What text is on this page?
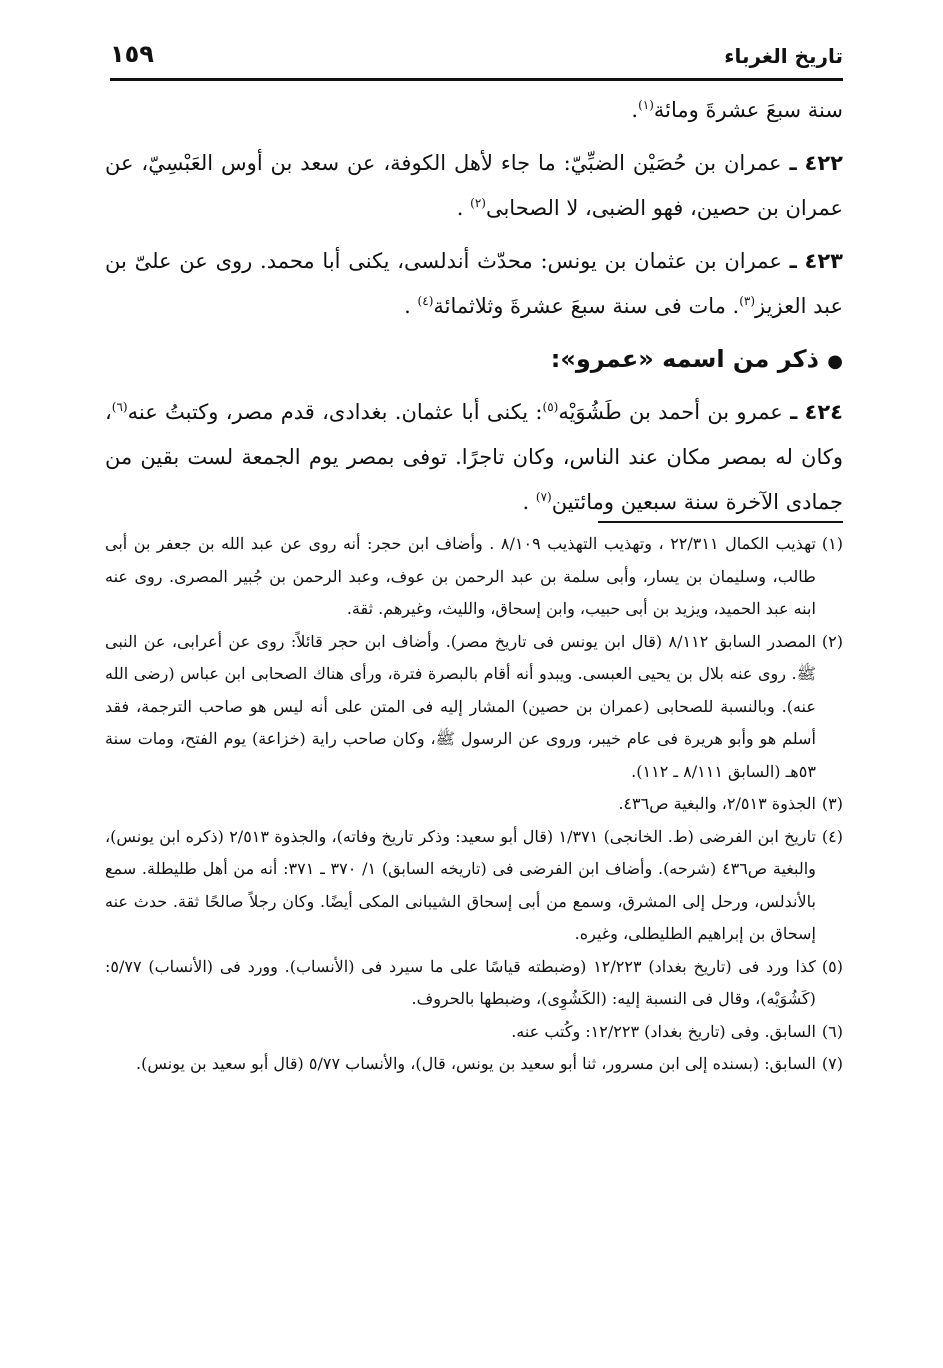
تاريخ الغرباء
١٥٩

سنة سبعَ عشرةَ ومائة$^{(١)}$.

٤٢٢ ـ عمران بن حُصَيْن الضبِّيّ: ما جاء لأهل الكوفة، عن سعد بن أوس العَبْسِيّ، عن عمران بن حصين، فهو الضبى، لا الصحابى$^{(٢)}$ .

٤٢٣ ـ عمران بن عثمان بن يونس: محدّث أندلسى، يكنى أبا محمد. روى عن علىّ بن عبد العزيز$^{(٣)}$. مات فى سنة سبعَ عشرةَ وثلاثمائة$^{(٤)}$ .

● ذكر من اسمه «عمرو»:

٤٢٤ ـ عمرو بن أحمد بن طَشُوَيْه$^{(٥)}$: يكنى أبا عثمان. بغدادى، قدم مصر، وكتبتُ عنه$^{(٦)}$، وكان له بمصر مكان عند الناس، وكان تاجرًا. توفى بمصر يوم الجمعة لست بقين من جمادى الآخرة سنة سبعين ومائتين$^{(٧)}$ .

(١)
تهذيب الكمال ٢٢/٣١١ ، وتهذيب التهذيب ٨/١٠٩ . وأضاف ابن حجر: أنه روى عن عبد الله بن جعفر بن أبى طالب، وسليمان بن يسار، وأبى سلمة بن عبد الرحمن بن عوف، وعبد الرحمن بن جُبير المصرى. روى عنه ابنه عبد الحميد، ويزيد بن أبى حبيب، وابن إسحاق، والليث، وغيرهم. ثقة.
(٢)
المصدر السابق ٨/١١٢ (قال ابن يونس فى تاريخ مصر). وأضاف ابن حجر قائلاً: روى عن أعرابى، عن النبى ﷺ. روى عنه بلال بن يحيى العبسى. ويبدو أنه أقام بالبصرة فترة، ورأى هناك الصحابى ابن عباس (رضى الله عنه). وبالنسبة للصحابى (عمران بن حصين) المشار إليه فى المتن على أنه ليس هو صاحب الترجمة، فقد أسلم هو وأبو هريرة فى عام خيبر، وروى عن الرسول ﷺ، وكان صاحب راية (خزاعة) يوم الفتح، ومات سنة ٥٣هـ (السابق ٨/١١١ ـ ١١٢).
(٣)
الجذوة ٢/٥١٣، والبغية ص٤٣٦.
(٤)
تاريخ ابن الفرضى (ط. الخانجى) ١/٣٧١ (قال أبو سعيد: وذكر تاريخ وفاته)، والجذوة ٢/٥١٣ (ذكره ابن يونس)، والبغية ص٤٣٦ (شرحه). وأضاف ابن الفرضى فى (تاريخه السابق) ١/ ٣٧٠ ـ ٣٧١: أنه من أهل طليطلة. سمع بالأندلس، ورحل إلى المشرق، وسمع من أبى إسحاق الشيبانى المكى أيضًا. وكان رجلاً صالحًا ثقة. حدث عنه إسحاق بن إبراهيم الطليطلى، وغيره.
(٥)
كذا ورد فى (تاريخ بغداد) ١٢/٢٢٣ (وضبطته قياسًا على ما سيرد فى (الأنساب). وورد فى (الأنساب) ٥/٧٧: (كَشُوَيْه)، وقال فى النسبة إليه: (الكَشُوِى)، وضبطها بالحروف.
(٦)
السابق. وفى (تاريخ بغداد) ١٢/٢٢٣: وكُتب عنه.
(٧)
السابق: (بسنده إلى ابن مسرور، ثنا أبو سعيد بن يونس، قال)، والأنساب ٥/٧٧ (قال أبو سعيد بن يونس).
